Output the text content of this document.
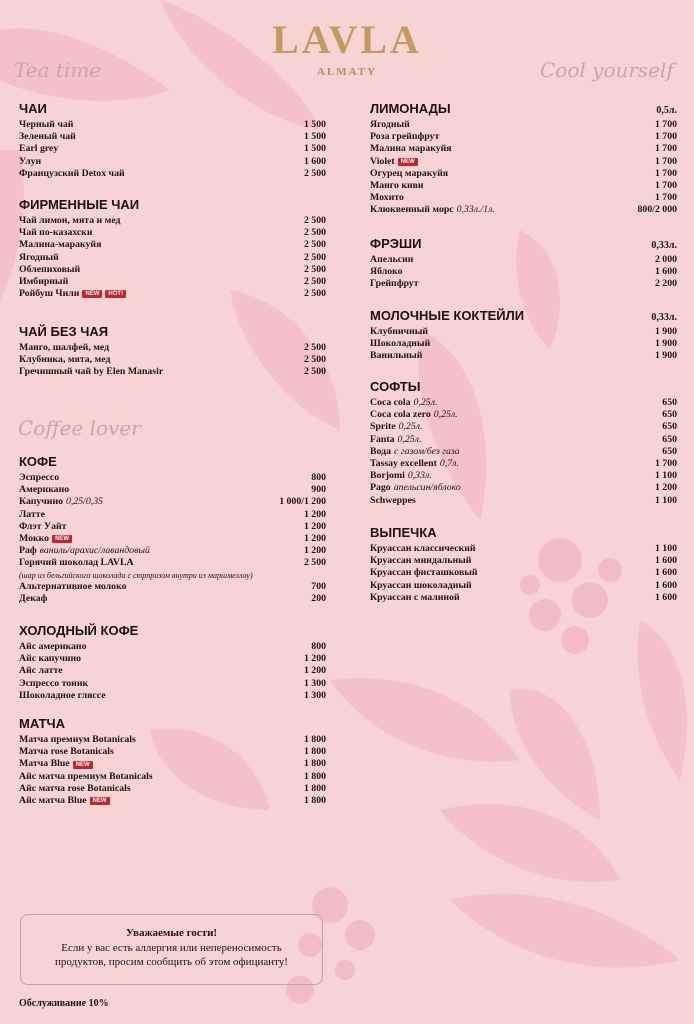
LAVLA
ALMATY
Tea time	Cool yourself
Coffee lover
ЧАИ
Черный чай	1 500
Зеленый чай	1 500
Earl grey	1 500
Улун	1 600
Французский Detox чай	2 500
ФИРМЕННЫЕ ЧАИ
Чай лимон, мята и мед	2 500
Чай по-казахски	2 500
Малина-маракуйя	2 500
Ягодный	2 500
Облепиховый	2 500
Имбирный	2 500
Ройбуш Чили	NEW	HOT!	2 500
ЧАЙ БЕЗ ЧАЯ
Манго, шалфей, мед	2 500
Клубника, мята, мед	2 500
Гречишный чай by Elen Manasir	2 500
КОФЕ
Эспрессо	800
Американо	900
Капучино 0,25/0,35	1 000/1 200
Латте	1 200
Флэт Уайт	1 200
Мокко	NEW	1 200
Раф ваниль/арахис/лавандовый	1 200
Горячий шоколад LAVLA	2 500
(шар из бельгийского шоколада с сюрпризом внутри из маршмеллоу)
Альтернативное молоко	700
Декаф	200
ХОЛОДНЫЙ КОФЕ
Айс американо	800
Айс капучино	1 200
Айс латте	1 200
Эспрессо тоник	1 300
Шоколадное гляссе	1 300
МАТЧА
Матча премиум Botanicals	1 800
Матча rose Botanicals	1 800
Матча Blue	NEW	1 800
Айс матча премиум Botanicals	1 800
Айс матча rose Botanicals	1 800
Айс матча Blue	NEW	1 800
ЛИМОНАДЫ	0,5л.
Ягодный	1 700
Роза грейпфрут	1 700
Малина маракуйя	1 700
Violet	NEW	1 700
Огурец маракуйя	1 700
Манго киви	1 700
Мохито	1 700
Клюквенный морс 0,33л./1л.	800/2 000
ФРЭШИ	0,33л.
Апельсин	2 000
Яблоко	1 600
Грейпфрут	2 200
МОЛОЧНЫЕ КОКТЕЙЛИ	0,33л.
Клубничный	1 900
Шоколадный	1 900
Ванильный	1 900
СОФТЫ
Coca cola 0,25л.	650
Coca cola zero 0,25л.	650
Sprite 0,25л.	650
Fanta 0,25л.	650
Вода с газом/без газа	650
Tassay excellent 0,7л.	1 700
Borjomi 0,33л.	1 100
Pago апельсин/яблоко	1 200
Schweppes	1 100
ВЫПЕЧКА
Круассан классический	1 100
Круассан миндальный	1 600
Круассан фисташковый	1 600
Круассан шоколадный	1 600
Круассан с малиной	1 600
Уважаемые гости!
Если у вас есть аллергия или непереносимость
продуктов, просим сообщить об этом официанту!
Обслуживание 10%
